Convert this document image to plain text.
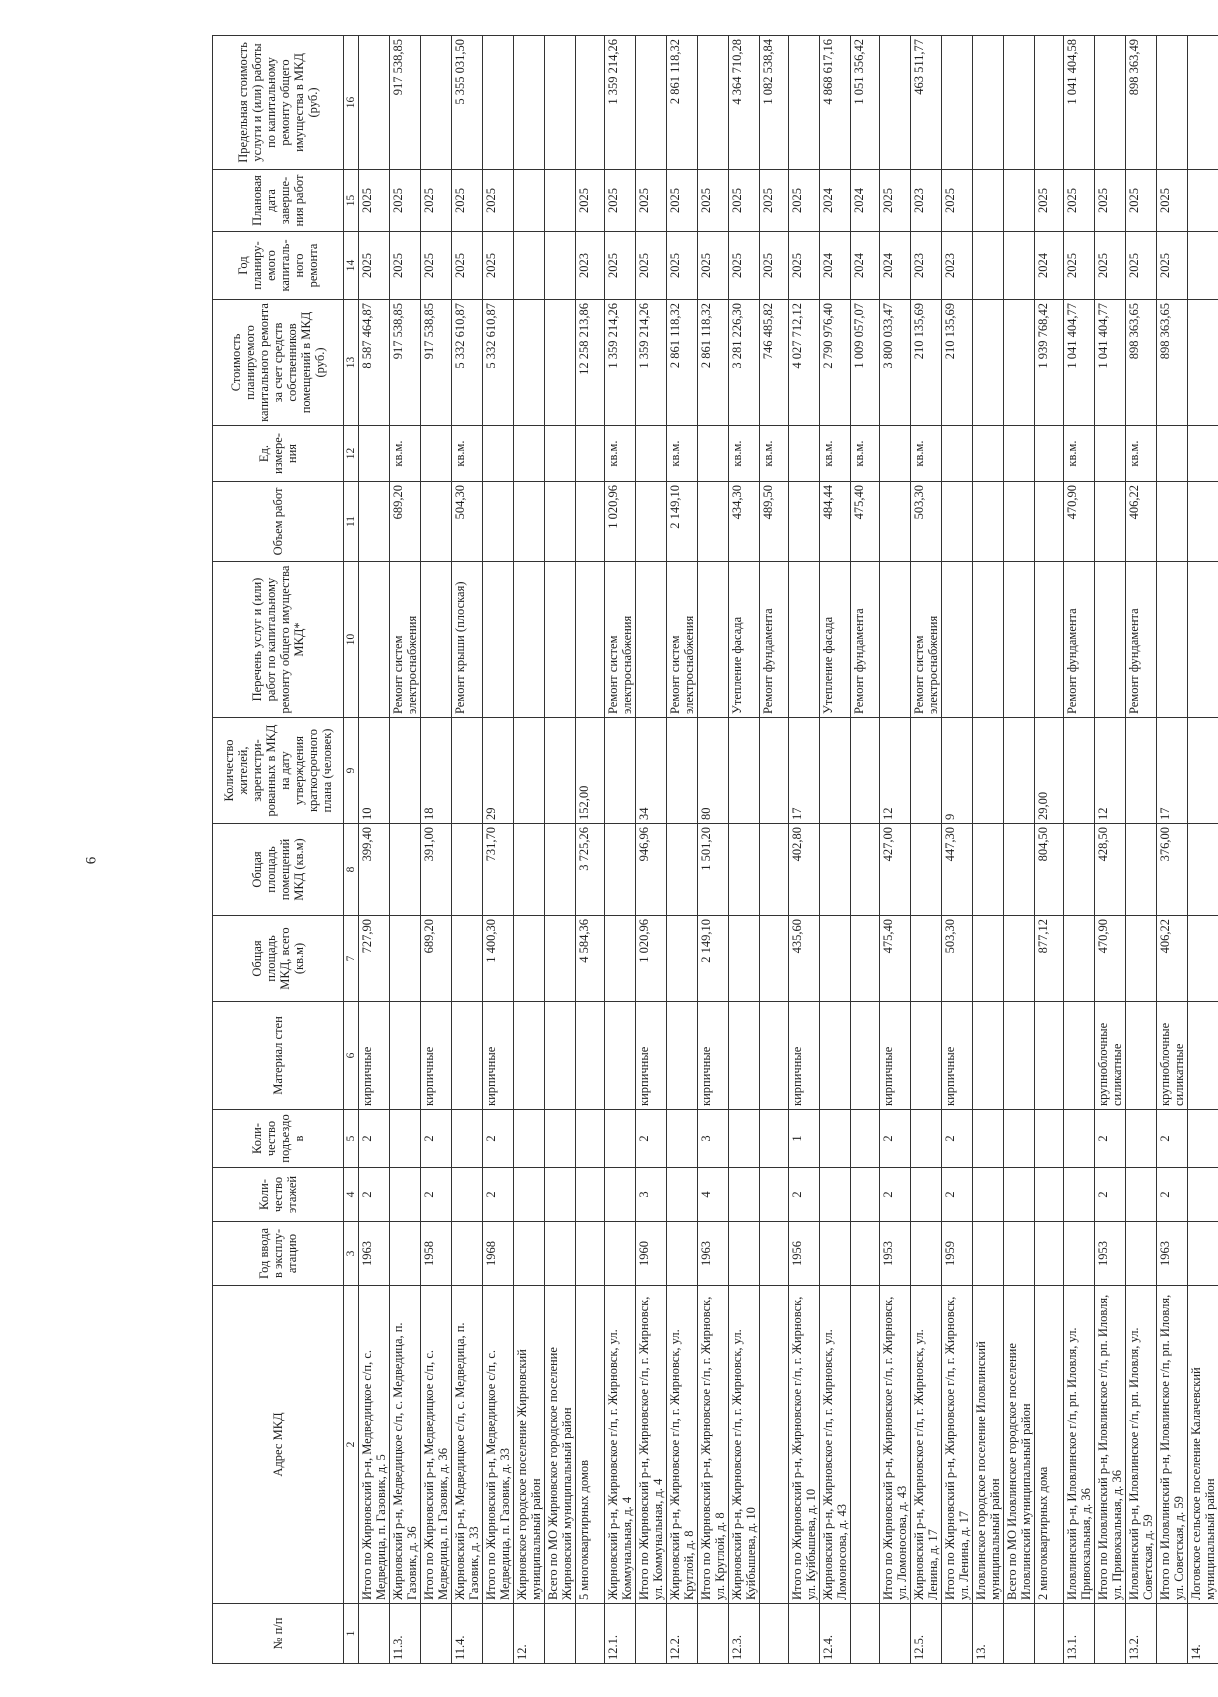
6
№ п/п	Адрес МКД	Год ввода в эксплу-атацию	Коли-чество этажей	Коли-чество подъездо в	Материал стен	Общая площадь МКД, всего (кв.м)	Общая площадь помещений МКД (кв.м)	Количество жителей, зарегистри-рованных в МКД на дату утверждения краткосрочного плана (человек)	Перечень услуг и (или) работ по капитальному ремонту общего имущества МКД*	Объем работ	Ед. измере-ния	Стоимость планируемого капитального ремонта за счет средств собственников помещений в МКД (руб.)	Год планиру-емого капиталь-ного ремонта	Плановая дата заверше-ния работ	Предельная стоимость услуги и (или) работы по капитальному ремонту общего имущества в МКД (руб.)
1	2	3	4	5	6	7	8	9	10	11	12	13	14	15	16
	Итого по Жирновский р-н, Медведицкое с/п, с. Медведица, п. Газовик, д. 5	1963	2	2	кирпичные	727,90	399,40	10				8 587 464,87	2025	2025	
11.3.	Жирновский р-н, Медведицкое с/п, с. Медведица, п. Газовик, д. 36								Ремонт систем электроснабжения	689,20	кв.м.	917 538,85	2025	2025	917 538,85
	Итого по Жирновский р-н, Медведицкое с/п, с. Медведица, п. Газовик, д. 36	1958	2	2	кирпичные	689,20	391,00	18				917 538,85	2025	2025	
11.4.	Жирновский р-н, Медведицкое с/п, с. Медведица, п. Газовик, д. 33								Ремонт крыши (плоская)	504,30	кв.м.	5 332 610,87	2025	2025	5 355 031,50
	Итого по Жирновский р-н, Медведицкое с/п, с. Медведица, п. Газовик, д. 33	1968	2	2	кирпичные	1 400,30	731,70	29				5 332 610,87	2025	2025	
12.	Жирновское городское поселение Жирновский муниципальный район														
	Всего по МО Жирновское городское поселение Жирновский муниципальный район														
	5 многоквартирных домов					4 584,36	3 725,26	152,00				12 258 213,86	2023	2025	
12.1.	Жирновский р-н, Жирновское г/п, г. Жирновск, ул. Коммунальная, д. 4								Ремонт систем электроснабжения	1 020,96	кв.м.	1 359 214,26	2025	2025	1 359 214,26
	Итого по Жирновский р-н, Жирновское г/п, г. Жирновск, ул. Коммунальная, д. 4	1960	3	2	кирпичные	1 020,96	946,96	34				1 359 214,26	2025	2025	
12.2.	Жирновский р-н, Жирновское г/п, г. Жирновск, ул. Круглой, д. 8								Ремонт систем электроснабжения	2 149,10	кв.м.	2 861 118,32	2025	2025	2 861 118,32
	Итого по Жирновский р-н, Жирновское г/п, г. Жирновск, ул. Круглой, д. 8	1963	4	3	кирпичные	2 149,10	1 501,20	80				2 861 118,32	2025	2025	
12.3.	Жирновский р-н, Жирновское г/п, г. Жирновск, ул. Куйбышева, д. 10								Утепление фасада	434,30	кв.м.	3 281 226,30	2025	2025	4 364 710,28
									Ремонт фундамента	489,50	кв.м.	746 485,82	2025	2025	1 082 538,84
	Итого по Жирновский р-н, Жирновское г/п, г. Жирновск, ул. Куйбышева, д. 10	1956	2	1	кирпичные	435,60	402,80	17				4 027 712,12	2025	2025	
12.4.	Жирновский р-н, Жирновское г/п, г. Жирновск, ул. Ломоносова, д. 43								Утепление фасада	484,44	кв.м.	2 790 976,40	2024	2024	4 868 617,16
									Ремонт фундамента	475,40	кв.м.	1 009 057,07	2024	2024	1 051 356,42
	Итого по Жирновский р-н, Жирновское г/п, г. Жирновск, ул. Ломоносова, д. 43	1953	2	2	кирпичные	475,40	427,00	12				3 800 033,47	2024	2025	
12.5.	Жирновский р-н, Жирновское г/п, г. Жирновск, ул. Ленина, д. 17								Ремонт систем электроснабжения	503,30	кв.м.	210 135,69	2023	2023	463 511,77
	Итого по Жирновский р-н, Жирновское г/п, г. Жирновск, ул. Ленина, д. 17	1959	2	2	кирпичные	503,30	447,30	9				210 135,69	2023	2025	
13.	Иловлинское городское поселение Иловлинский муниципальный район														
	Всего по МО Иловлинское городское поселение Иловлинский муниципальный район														
	2 многоквартирных дома					877,12	804,50	29,00				1 939 768,42	2024	2025	
13.1.	Иловлинский р-н, Иловлинское г/п, рп. Иловля, ул. Привокзальная, д. 36								Ремонт фундамента	470,90	кв.м.	1 041 404,77	2025	2025	1 041 404,58
	Итого по Иловлинский р-н, Иловлинское г/п, рп. Иловля, ул. Привокзальная, д. 36	1953	2	2	крупноблочные силикатные	470,90	428,50	12				1 041 404,77	2025	2025	
13.2.	Иловлинский р-н, Иловлинское г/п, рп. Иловля, ул. Советская, д. 59								Ремонт фундамента	406,22	кв.м.	898 363,65	2025	2025	898 363,49
	Итого по Иловлинский р-н, Иловлинское г/п, рп. Иловля, ул. Советская, д. 59	1963	2	2	крупноблочные силикатные	406,22	376,00	17				898 363,65	2025	2025	
14.	Логовское сельское поселение Калачевский муниципальный район														
